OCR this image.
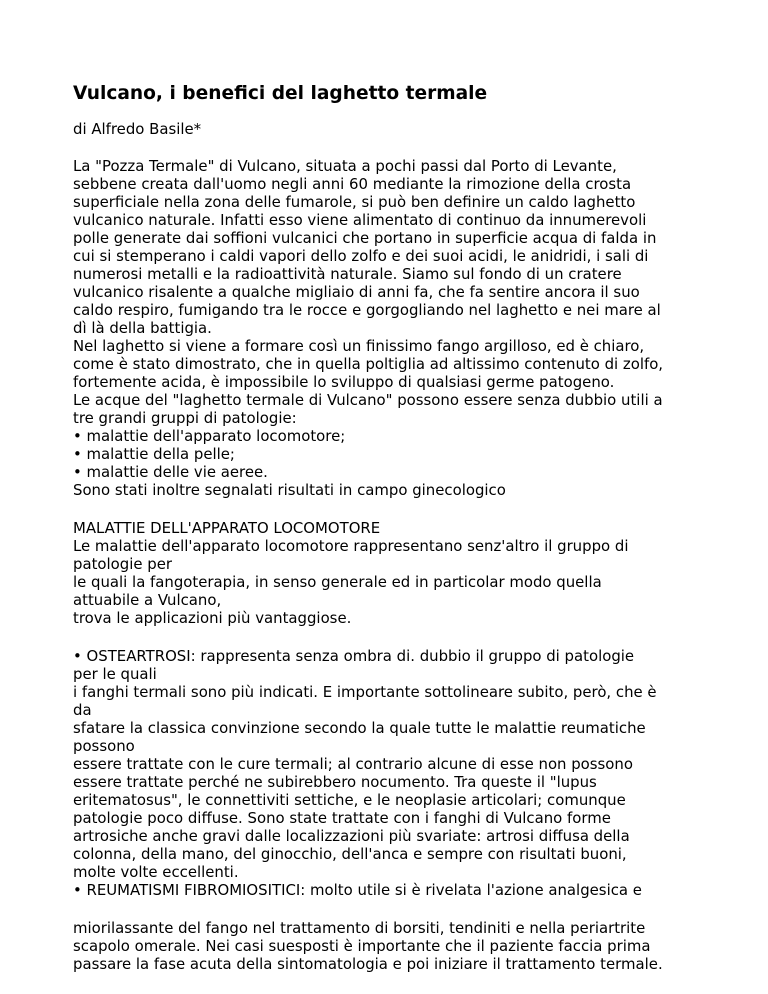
Vulcano, i benefici del laghetto termale

di Alfredo Basile*

La "Pozza Termale" di Vulcano, situata a pochi passi dal Porto di Levante,

sebbene creata dall'uomo negli anni 60 mediante la rimozione della crosta

superficiale nella zona delle fumarole, si può ben definire un caldo laghetto

vulcanico naturale. Infatti esso viene alimentato di continuo da innumerevoli

polle generate dai soffioni vulcanici che portano in superficie acqua di falda in

cui si stemperano i caldi vapori dello zolfo e dei suoi acidi, le anidridi, i sali di

numerosi metalli e la radioattività naturale. Siamo sul fondo di un cratere

vulcanico risalente a qualche migliaio di anni fa, che fa sentire ancora il suo

caldo respiro, fumigando tra le rocce e gorgogliando nel laghetto e nei mare al

dì là della battigia.

Nel laghetto si viene a formare così un finissimo fango argilloso, ed è chiaro,

come è stato dimostrato, che in quella poltiglia ad altissimo contenuto di zolfo,

fortemente acida, è impossibile lo sviluppo di qualsiasi germe patogeno.

Le acque del "laghetto termale di Vulcano" possono essere senza dubbio utili a

tre grandi gruppi di patologie:

• malattie dell'apparato locomotore;

• malattie della pelle;

• malattie delle vie aeree.

Sono stati inoltre segnalati risultati in campo ginecologico

MALATTIE DELL'APPARATO LOCOMOTORE

Le malattie dell'apparato locomotore rappresentano senz'altro il gruppo di

patologie per

le quali la fangoterapia, in senso generale ed in particolar modo quella

attuabile a Vulcano,

trova le applicazioni più vantaggiose.

• OSTEARTROSI: rappresenta senza ombra di. dubbio il gruppo di patologie

per le quali

i fanghi termali sono più indicati. E importante sottolineare subito, però, che è

da

sfatare la classica convinzione secondo la quale tutte le malattie reumatiche

possono

essere trattate con le cure termali; al contrario alcune di esse non possono

essere trattate perché ne subirebbero nocumento. Tra queste il "lupus

eritematosus", le connettiviti settiche, e le neoplasie articolari; comunque

patologie poco diffuse. Sono state trattate con i fanghi di Vulcano forme

artrosiche anche gravi dalle localizzazioni più svariate: artrosi diffusa della

colonna, della mano, del ginocchio, dell'anca e sempre con risultati buoni,

molte volte eccellenti.

• REUMATISMI FIBROMIOSITICI: molto utile si è rivelata l'azione analgesica e

miorilassante del fango nel trattamento di borsiti, tendiniti e nella periartrite

scapolo omerale. Nei casi suesposti è importante che il paziente faccia prima

passare la fase acuta della sintomatologia e poi iniziare il trattamento termale.
